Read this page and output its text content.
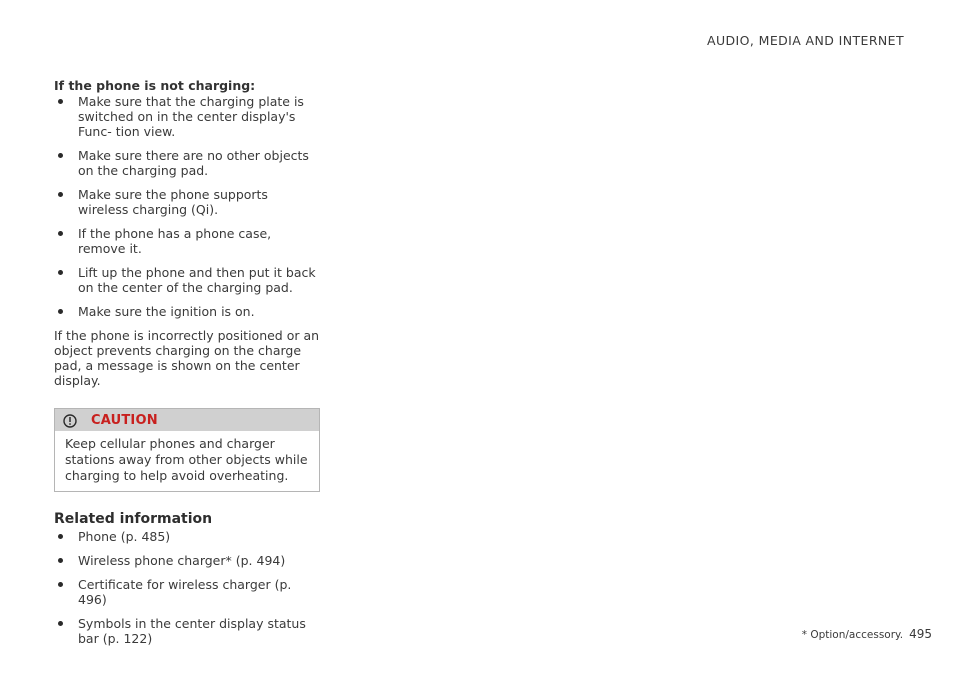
AUDIO, MEDIA AND INTERNET
If the phone is not charging:
Make sure that the charging plate is switched on in the center display's Func- tion view.
Make sure there are no other objects on the charging pad.
Make sure the phone supports wireless charging (Qi).
If the phone has a phone case, remove it.
Lift up the phone and then put it back on the center of the charging pad.
Make sure the ignition is on.

If the phone is incorrectly positioned or an object prevents charging on the charge pad, a message is shown on the center display.

CAUTION
Keep cellular phones and charger stations away from other objects while charging to help avoid overheating.
Related information
Phone (p. 485)
Wireless phone charger* (p. 494)
Certificate for wireless charger (p. 496)
Symbols in the center display status bar (p. 122)	* Option/accessory. 495
